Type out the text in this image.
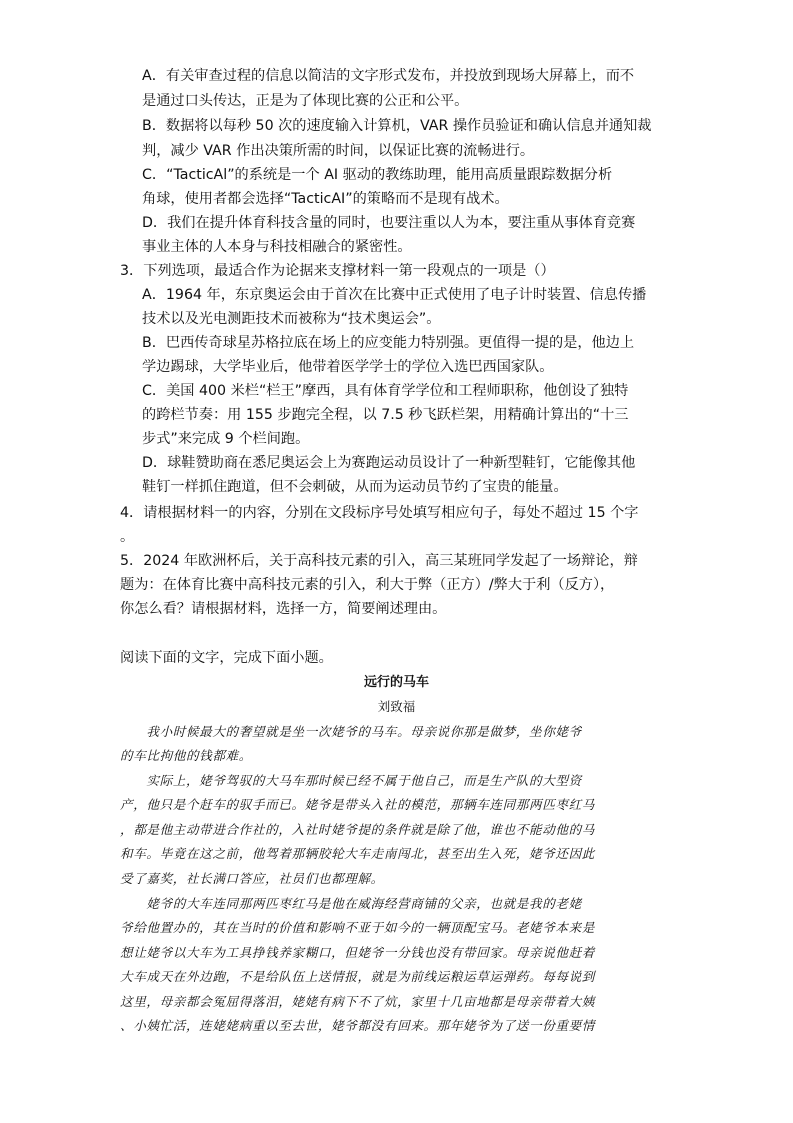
A．有关审查过程的信息以简洁的文字形式发布，并投放到现场大屏幕上，而不
是通过口头传达，正是为了体现比赛的公正和公平。
B．数据将以每秒 50 次的速度输入计算机，VAR 操作员验证和确认信息并通知裁
判，减少 VAR 作出决策所需的时间，以保证比赛的流畅进行。
C．“TacticAl”的系统是一个 AI 驱动的教练助理，能用高质量跟踪数据分析
角球，使用者都会选择“TacticAI”的策略而不是现有战术。
D．我们在提升体育科技含量的同时，也要注重以人为本，要注重从事体育竞赛
事业主体的人本身与科技相融合的紧密性。
3．下列选项，最适合作为论据来支撑材料一第一段观点的一项是（）
A．1964 年，东京奥运会由于首次在比赛中正式使用了电子计时装置、信息传播
技术以及光电测距技术而被称为“技术奥运会”。
B．巴西传奇球星苏格拉底在场上的应变能力特别强。更值得一提的是，他边上
学边踢球，大学毕业后，他带着医学学士的学位入选巴西国家队。
C．美国 400 米栏“栏王”摩西，具有体育学学位和工程师职称，他创设了独特
的跨栏节奏：用 155 步跑完全程，以 7.5 秒飞跃栏架，用精确计算出的“十三
步式”来完成 9 个栏间跑。
D．球鞋赞助商在悉尼奥运会上为赛跑运动员设计了一种新型鞋钉，它能像其他
鞋钉一样抓住跑道，但不会刺破，从而为运动员节约了宝贵的能量。
4．请根据材料一的内容，分别在文段标序号处填写相应句子，每处不超过 15 个字
。
5．2024 年欧洲杯后，关于高科技元素的引入，高三某班同学发起了一场辩论，辩
题为：在体育比赛中高科技元素的引入，利大于弊（正方）/弊大于利（反方），
你怎么看？请根据材料，选择一方，简要阐述理由。
阅读下面的文字，完成下面小题。
远行的马车
刘致福
　　我小时候最大的奢望就是坐一次姥爷的马车。母亲说你那是做梦，坐你姥爷
的车比拘他的钱都难。
　　实际上，姥爷驾驭的大马车那时候已经不属于他自己，而是生产队的大型资
产，他只是个赶车的驭手而已。姥爷是带头入社的模范，那辆车连同那两匹枣红马
，都是他主动带进合作社的，入社时姥爷提的条件就是除了他，谁也不能动他的马
和车。毕竟在这之前，他驾着那辆胶轮大车走南闯北，甚至出生入死，姥爷还因此
受了嘉奖，社长满口答应，社员们也都理解。
　　姥爷的大车连同那两匹枣红马是他在威海经营商铺的父亲，也就是我的老姥
爷给他置办的，其在当时的价值和影响不亚于如今的一辆顶配宝马。老姥爷本来是
想让姥爷以大车为工具挣钱养家糊口，但姥爷一分钱也没有带回家。母亲说他赶着
大车成天在外边跑，不是给队伍上送情报，就是为前线运粮运草运弹药。每每说到
这里，母亲都会冤屈得落泪，姥姥有病下不了炕，家里十几亩地都是母亲带着大姨
、小姨忙活，连姥姥病重以至去世，姥爷都没有回来。那年姥爷为了送一份重要情
